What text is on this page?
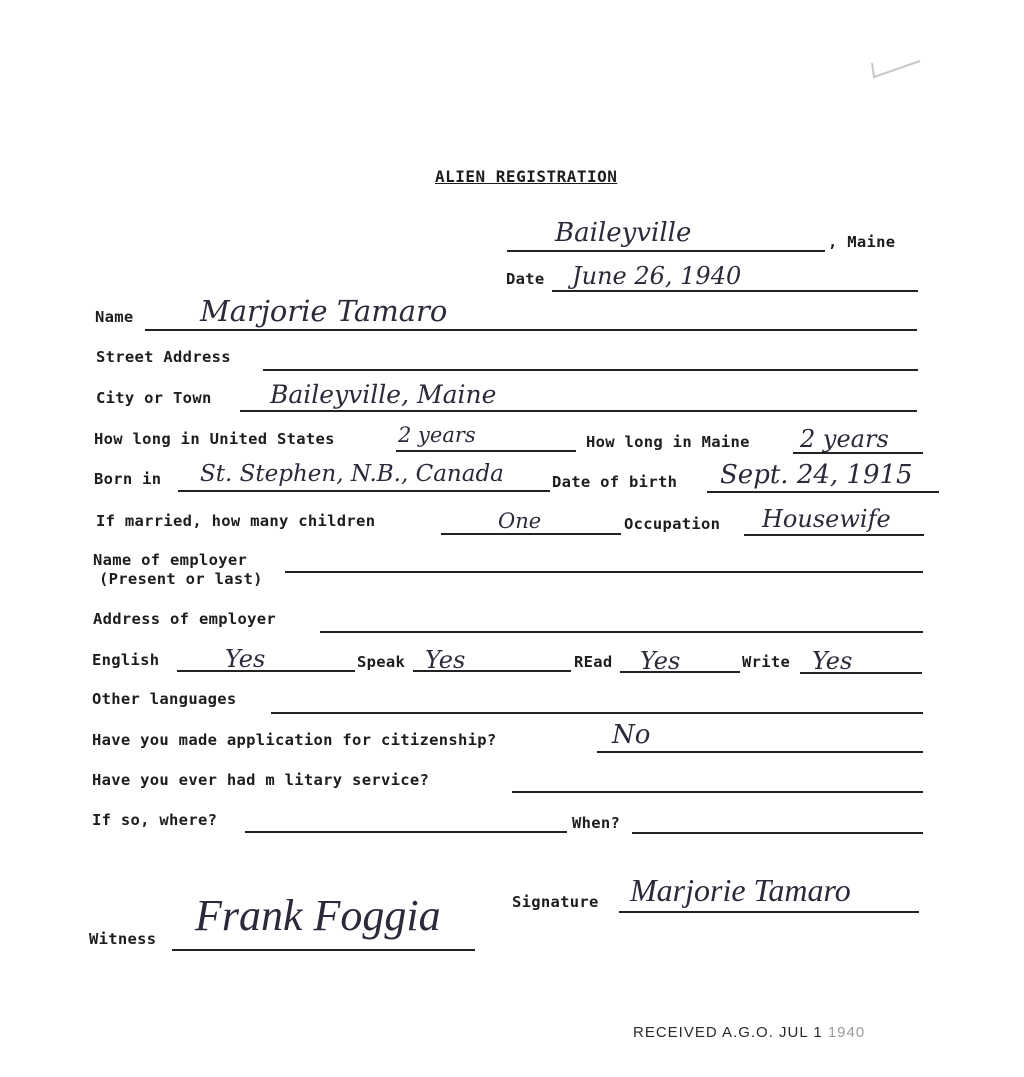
ALIEN REGISTRATION
Baileyville	, Maine
Date June 26, 1940
Name Marjorie Tamaro
Street Address
City or Town Baileyville, Maine
How long in United States	2 years	How long in Maine 2 years
Born in St. Stephen, N.B., Canada	Date of birth Sept. 24, 1915
If married, how many children	One	Occupation Housewife
Name of employer
(Present or last)
Address of employer
English	Yes	Speak Yes	REad Yes	Write Yes
Other languages
Have you made application for citizenship?	No
Have you ever had m litary service?
If so, where?	When?
Signature Marjorie Tamaro
Witness Frank Foggia
RECEIVED A.G.O. JUL 1 1940
